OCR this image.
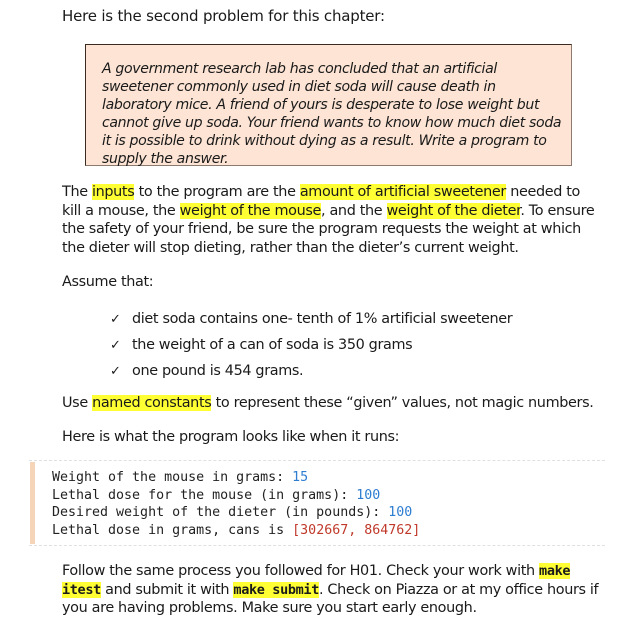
Here is the second problem for this chapter:
A government research lab has concluded that an artificial sweetener commonly used in diet soda will cause death in laboratory mice. A friend of yours is desperate to lose weight but cannot give up soda. Your friend wants to know how much diet soda it is possible to drink without dying as a result. Write a program to supply the answer.
The inputs to the program are the amount of artificial sweetener needed to kill a mouse, the weight of the mouse, and the weight of the dieter. To ensure the safety of your friend, be sure the program requests the weight at which the dieter will stop dieting, rather than the dieter’s current weight.
Assume that:
✓ diet soda contains one- tenth of 1% artificial sweetener
✓ the weight of a can of soda is 350 grams
✓ one pound is 454 grams.
Use named constants to represent these “given” values, not magic numbers.
Here is what the program looks like when it runs:
Weight of the mouse in grams: 15
Lethal dose for the mouse (in grams): 100
Desired weight of the dieter (in pounds): 100
Lethal dose in grams, cans is [302667, 864762]
Follow the same process you followed for H01. Check your work with make itest and submit it with make submit. Check on Piazza or at my office hours if you are having problems. Make sure you start early enough.
